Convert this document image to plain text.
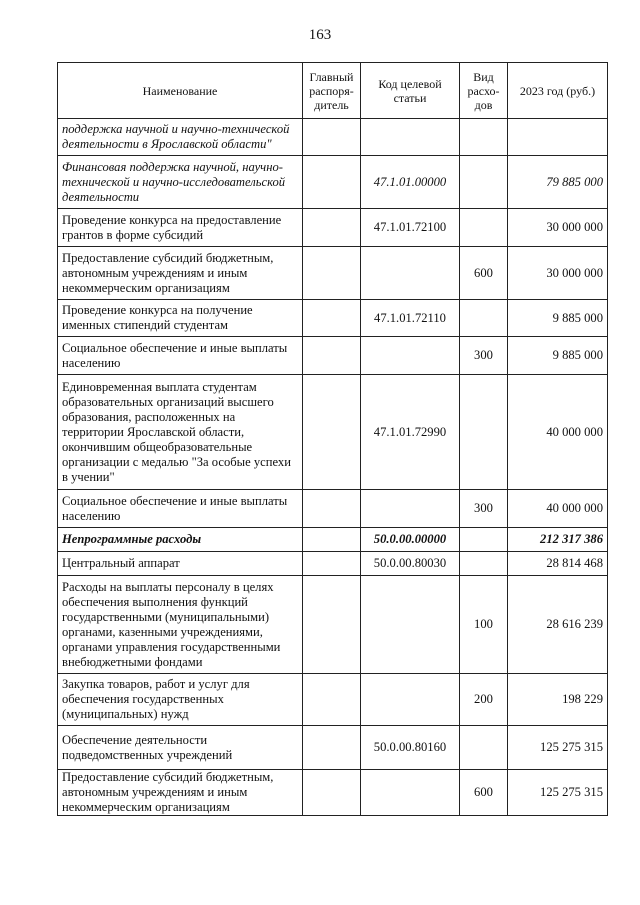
163
Наименование	Главный распоря-дитель	Код целевой статьи	Вид расхо-дов	2023 год (руб.)
поддержка научной и научно-технической деятельности в Ярославской области"				
Финансовая поддержка научной, научно-технической и научно-исследовательской деятельности		47.1.01.00000		79 885 000
Проведение конкурса на предоставление грантов в форме субсидий		47.1.01.72100		30 000 000
Предоставление субсидий бюджетным, автономным учреждениям и иным некоммерческим организациям			600	30 000 000
Проведение конкурса на получение именных стипендий студентам		47.1.01.72110		9 885 000
Социальное обеспечение и иные выплаты населению			300	9 885 000
Единовременная выплата студентам образовательных организаций высшего образования, расположенных на территории Ярославской области, окончившим общеобразовательные организации с медалью "За особые успехи в учении"		47.1.01.72990		40 000 000
Социальное обеспечение и иные выплаты населению			300	40 000 000
Непрограммные расходы		50.0.00.00000		212 317 386
Центральный аппарат		50.0.00.80030		28 814 468
Расходы на выплаты персоналу в целях обеспечения выполнения функций государственными (муниципальными) органами, казенными учреждениями, органами управления государственными внебюджетными фондами			100	28 616 239
Закупка товаров, работ и услуг для обеспечения государственных (муниципальных) нужд			200	198 229
Обеспечение деятельности подведомственных учреждений		50.0.00.80160		125 275 315
Предоставление субсидий бюджетным, автономным учреждениям и иным некоммерческим организациям			600	125 275 315
